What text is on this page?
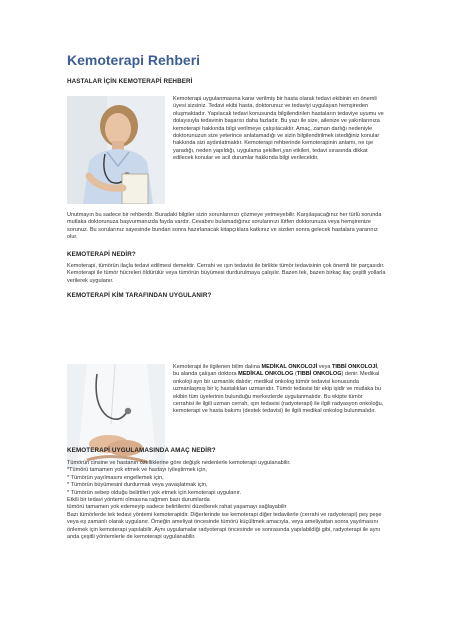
Kemoterapi Rehberi
HASTALAR İÇİN KEMOTERAPİ REHBERİ

Kemoterapi uygulanmasına karar verilmiş bir hasta olarak tedavi ekibinin en önemli üyesi sizsiniz. Tedavi ekibi hasta, doktorunuz ve tedaviyi uygulayan hemşireden oluşmaktadır. Yapılacak tedavi konusunda bilgilendirilen hastaların tedaviye uyumu ve dolayısıyla tedavinin başarısı daha fazladır. Bu yazı ile size, ailenize ve yakınlarınıza kemoterapi hakkında bilgi verilmeye çalışılacaktır. Amaç, zaman darlığı nedeniyle doktorunuzun size yeterince anlatamadığı ve sizin bilgilendirilmek istediğiniz konular hakkında sizi aydınlatmaktır. Kemoterapi rehberinde kemoterapinin anlamı, ne işe yaradığı, neden yapıldığı, uygulama şekilleri,yan etkileri, tedavi sırasında dikkat edilecek konular ve acil durumlar hakkında bilgi verilecektir.

Unutmayın bu sadece bir rehberdir. Buradaki bilgiler sizin sorunlarınızı çözmeye yetmeyebilir. Karşılaşacağınız her türlü sorunda mutlaka doktorunuza başvurmanızda fayda vardır. Cevabını bulamadığınız sorularınızı lütfen doktorunuza veya hemşirenize sorunuz. Bu sorularınız sayesinde bundan sonra hazırlanacak kitapçıklara katkınız ve sizden sonra gelecek hastalara yararınız olur.

KEMOTERAPİ NEDİR?

Kemoterapi, tümörün ilaçla tedavi edilmesi demektir. Cerrahi ve ışın tedavisi ile birlikte tümör tedavisinin çok önemli bir parçasıdır. Kemoterapi ile tümör hücreleri öldürülür veya tümörün büyümesi durdurulmaya çalışılır. Bazen tek, bazen birkaç ilaç çeşitli yollarla verilerek uygulanır.

KEMOTERAPİ KİM TARAFINDAN UYGULANIR?

Kemoterapi ile ilgilenen bilim dalına MEDİKAL ONKOLOJİ veya TIBBİ ONKOLOJİ, bu alanda çalışan doktora MEDİKAL ONKOLOG (TIBBİ ONKOLOG) denir. Medikal onkoloji ayrı bir uzmanlık dalıdır; medikal onkolog tümör tedavisi konusunda uzmanlaşmış bir iç hastalıkları uzmanıdır. Tümör tedavisi bir ekip işidir ve mutlaka bu ekibin tüm üyelerinin bulunduğu merkezlerde uygulanmalıdır. Bu ekipte tümör cerrahisi ile ilgili uzman cerrah, ışın tedavisi (radyoterapi) ile ilgili radyasyon onkoloğu, kemoterapi ve hasta bakımı (destek tedavisi) ile ilgili medikal onkolog bulunmalıdır.

KEMOTERAPİ UYGULAMASINDA AMAÇ NEDİR?
Tümörün cinsine ve hastanın özelliklerine göre değişik nedenlerle kemoterapi uygulanabilir.
*Tümörü tamamen yok etmek ve hastayı iyileştirmek için,
* Tümörün yayılmasını engellemek için,
* Tümörün büyümesini durdurmak veya yavaşlatmak için,
* Tümörün sebep olduğu belirtileri yok etmek için kemoterapi uygulanır.
Etkili bir tedavi yöntemi olmasına rağmen bazı durumlarda
tümörü tamamen yok edemeyip sadece belirtilerini düzelterek rahat yaşamayı sağlayabilir
Bazı tümörlerde tek tedavi yöntemi kemoterapidir. Diğerlerinde ise kemoterapi diğer tedavilerle (cerrahi ve radyoterapi) peş peşe veya eş zamanlı olarak uygulanır. Ömeğin ameliyat öncesinde tümörü küçültmek amacıyla, veya ameliyattan sonra yayılmasını önlemek için kemoterapi yapılabilir. Aynı uygulamalar radyoterapi öncesinde ve sonrasında yapılabildiği gibi, radyoterapi ile aynı anda çeşitli yöntemlerle de kemoterapi uygulanabilir.
